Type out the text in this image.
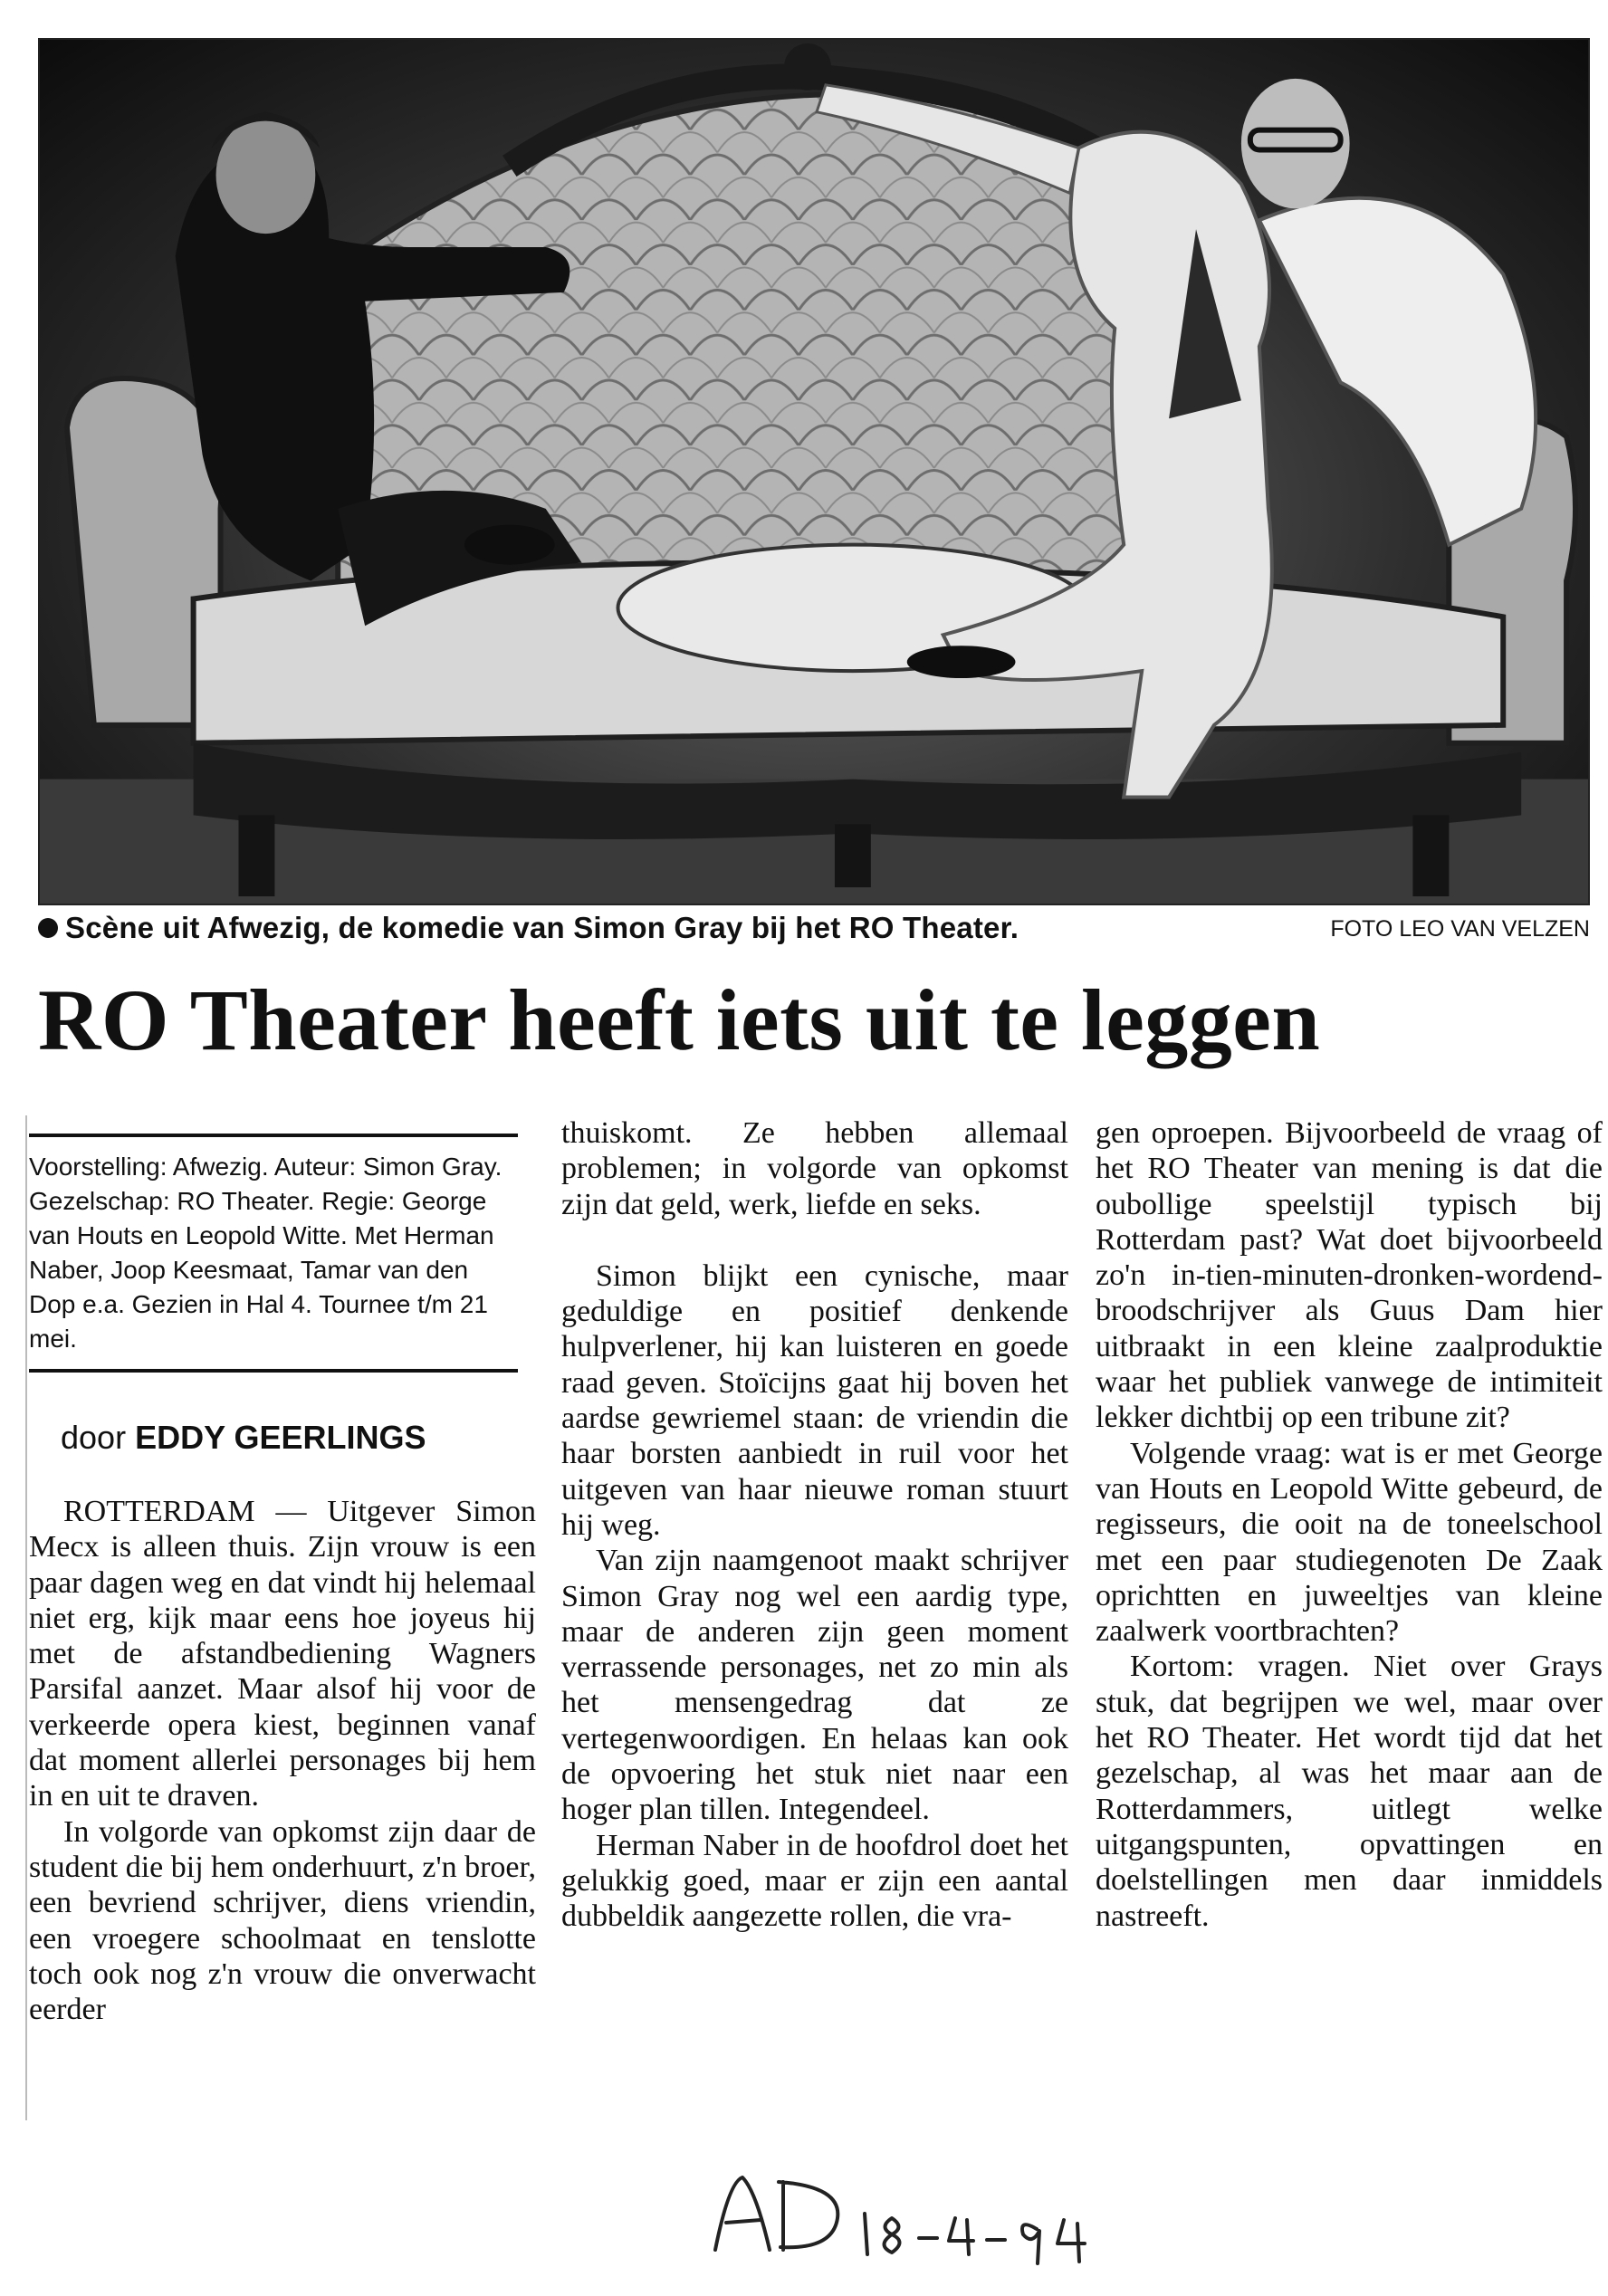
Scène uit Afwezig, de komedie van Simon Gray bij het RO Theater.	FOTO LEO VAN VELZEN
RO Theater heeft iets uit te leggen
Voorstelling: Afwezig. Auteur: Simon Gray. Gezelschap: RO Theater. Regie: George van Houts en Leopold Witte. Met Herman Naber, Joop Keesmaat, Tamar van den Dop e.a. Gezien in Hal 4. Tournee t/m 21 mei.
door EDDY GEERLINGS

ROTTERDAM — Uitgever Simon Mecx is alleen thuis. Zijn vrouw is een paar dagen weg en dat vindt hij helemaal niet erg, kijk maar eens hoe joyeus hij met de afstandbediening Wagners Parsifal aanzet. Maar alsof hij voor de verkeerde opera kiest, beginnen vanaf dat moment allerlei personages bij hem in en uit te draven.

In volgorde van opkomst zijn daar de student die bij hem onderhuurt, z'n broer, een bevriend schrijver, diens vriendin, een vroegere schoolmaat en tenslotte toch ook nog z'n vrouw die onverwacht eerder

thuiskomt. Ze hebben allemaal problemen; in volgorde van opkomst zijn dat geld, werk, liefde en seks.

Simon blijkt een cynische, maar geduldige en positief denkende hulpverlener, hij kan luisteren en goede raad geven. Stoïcijns gaat hij boven het aardse gewriemel staan: de vriendin die haar borsten aanbiedt in ruil voor het uitgeven van haar nieuwe roman stuurt hij weg.

Van zijn naamgenoot maakt schrijver Simon Gray nog wel een aardig type, maar de anderen zijn geen moment verrassende personages, net zo min als het mensengedrag dat ze vertegenwoordigen. En helaas kan ook de opvoering het stuk niet naar een hoger plan tillen. Integendeel.

Herman Naber in de hoofdrol doet het gelukkig goed, maar er zijn een aantal dubbeldik aangezette rollen, die vra-

gen oproepen. Bijvoorbeeld de vraag of het RO Theater van mening is dat die oubollige speelstijl typisch bij Rotterdam past? Wat doet bijvoorbeeld zo'n in-tien-minuten-dronken-wordend-broodschrijver als Guus Dam hier uitbraakt in een kleine zaalproduktie waar het publiek vanwege de intimiteit lekker dichtbij op een tribune zit?

Volgende vraag: wat is er met George van Houts en Leopold Witte gebeurd, de regisseurs, die ooit na de toneelschool met een paar studiegenoten De Zaak oprichtten en juweeltjes van kleine zaalwerk voortbrachten?

Kortom: vragen. Niet over Grays stuk, dat begrijpen we wel, maar over het RO Theater. Het wordt tijd dat het gezelschap, al was het maar aan de Rotterdammers, uitlegt welke uitgangspunten, opvattingen en doelstellingen men daar inmiddels nastreeft.
